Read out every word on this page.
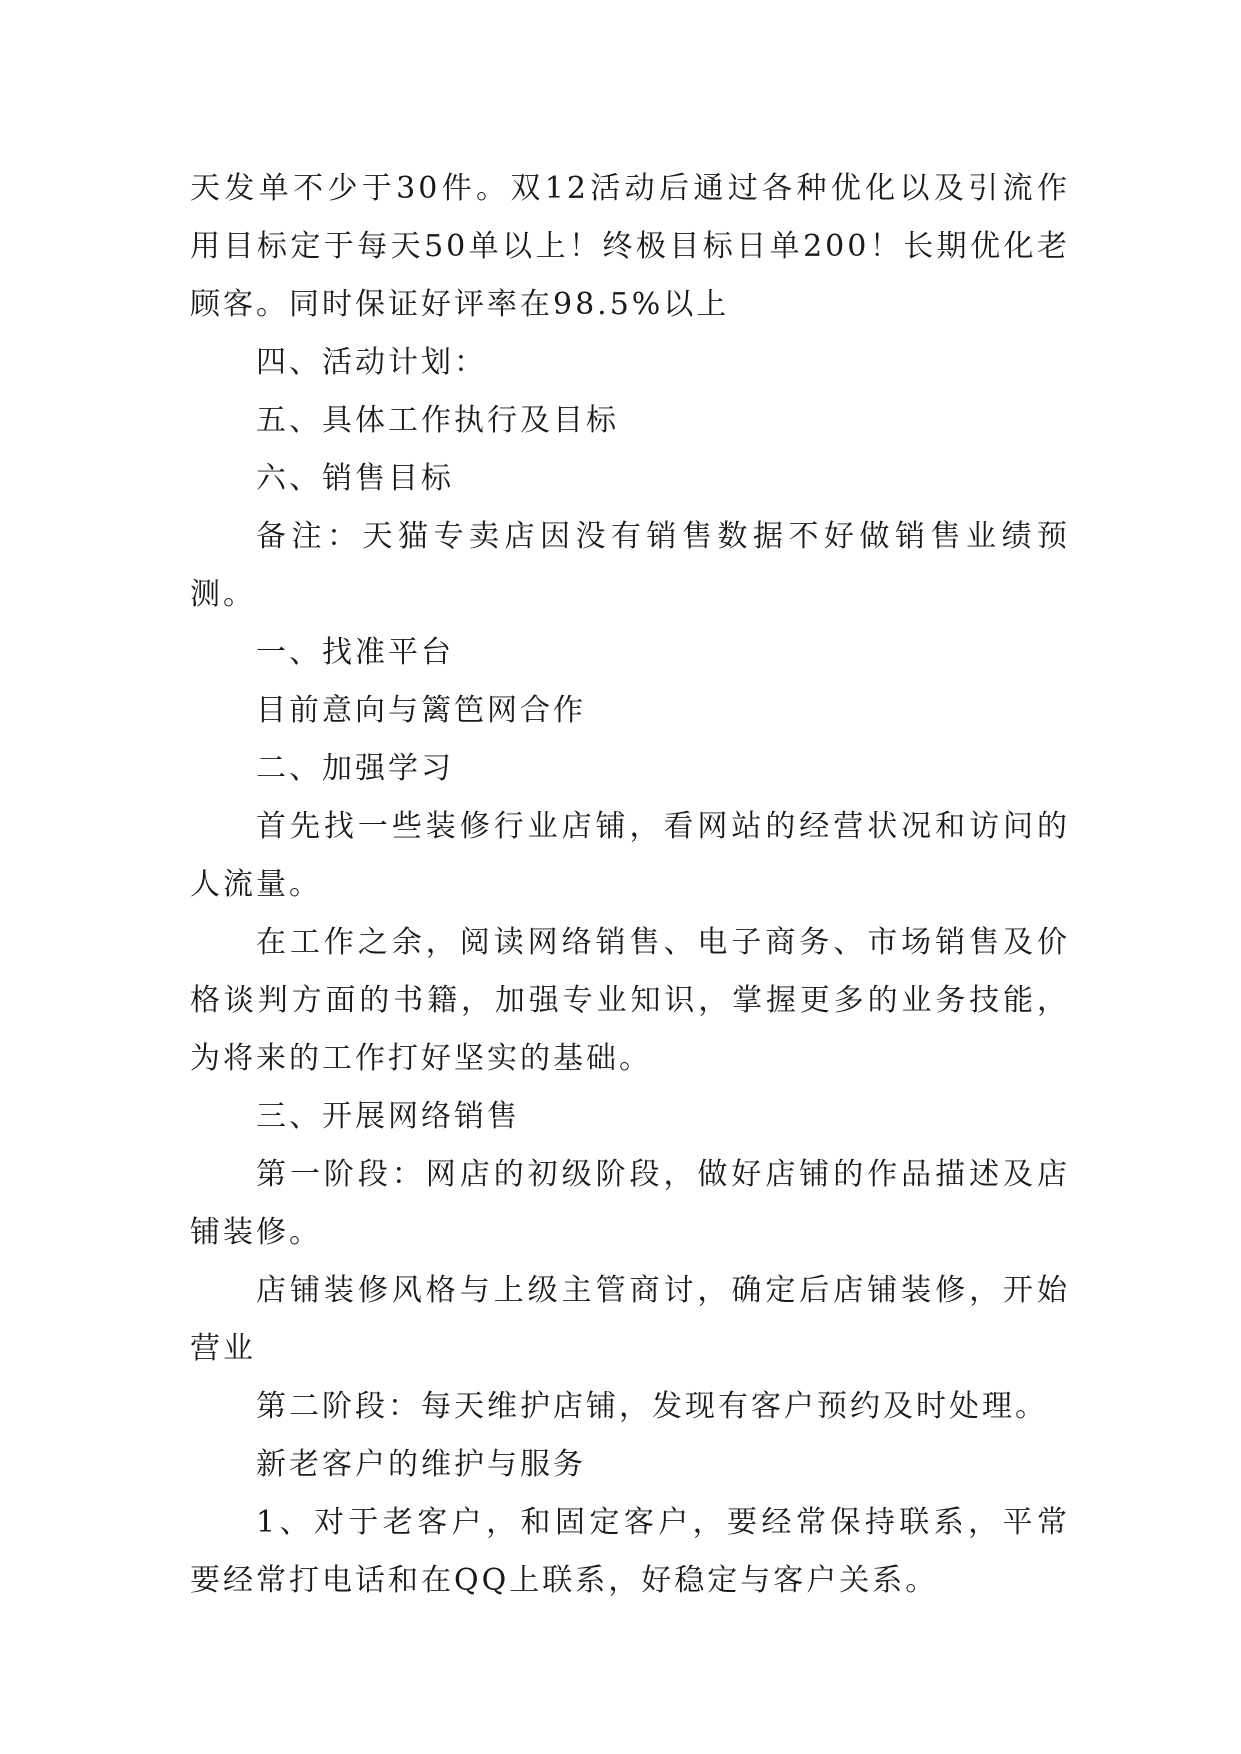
天发单不少于30件。双12活动后通过各种优化以及引流作用目标定于每天50单以上！终极目标日单200！长期优化老顾客。同时保证好评率在98.5%以上

四、活动计划：

五、具体工作执行及目标

六、销售目标

备注：天猫专卖店因没有销售数据不好做销售业绩预测。

一、找准平台

目前意向与篱笆网合作

二、加强学习

首先找一些装修行业店铺，看网站的经营状况和访问的人流量。

在工作之余，阅读网络销售、电子商务、市场销售及价格谈判方面的书籍，加强专业知识，掌握更多的业务技能，为将来的工作打好坚实的基础。

三、开展网络销售

第一阶段：网店的初级阶段，做好店铺的作品描述及店铺装修。

店铺装修风格与上级主管商讨，确定后店铺装修，开始营业

第二阶段：每天维护店铺，发现有客户预约及时处理。

新老客户的维护与服务

1、对于老客户，和固定客户，要经常保持联系，平常要经常打电话和在QQ上联系，好稳定与客户关系。
